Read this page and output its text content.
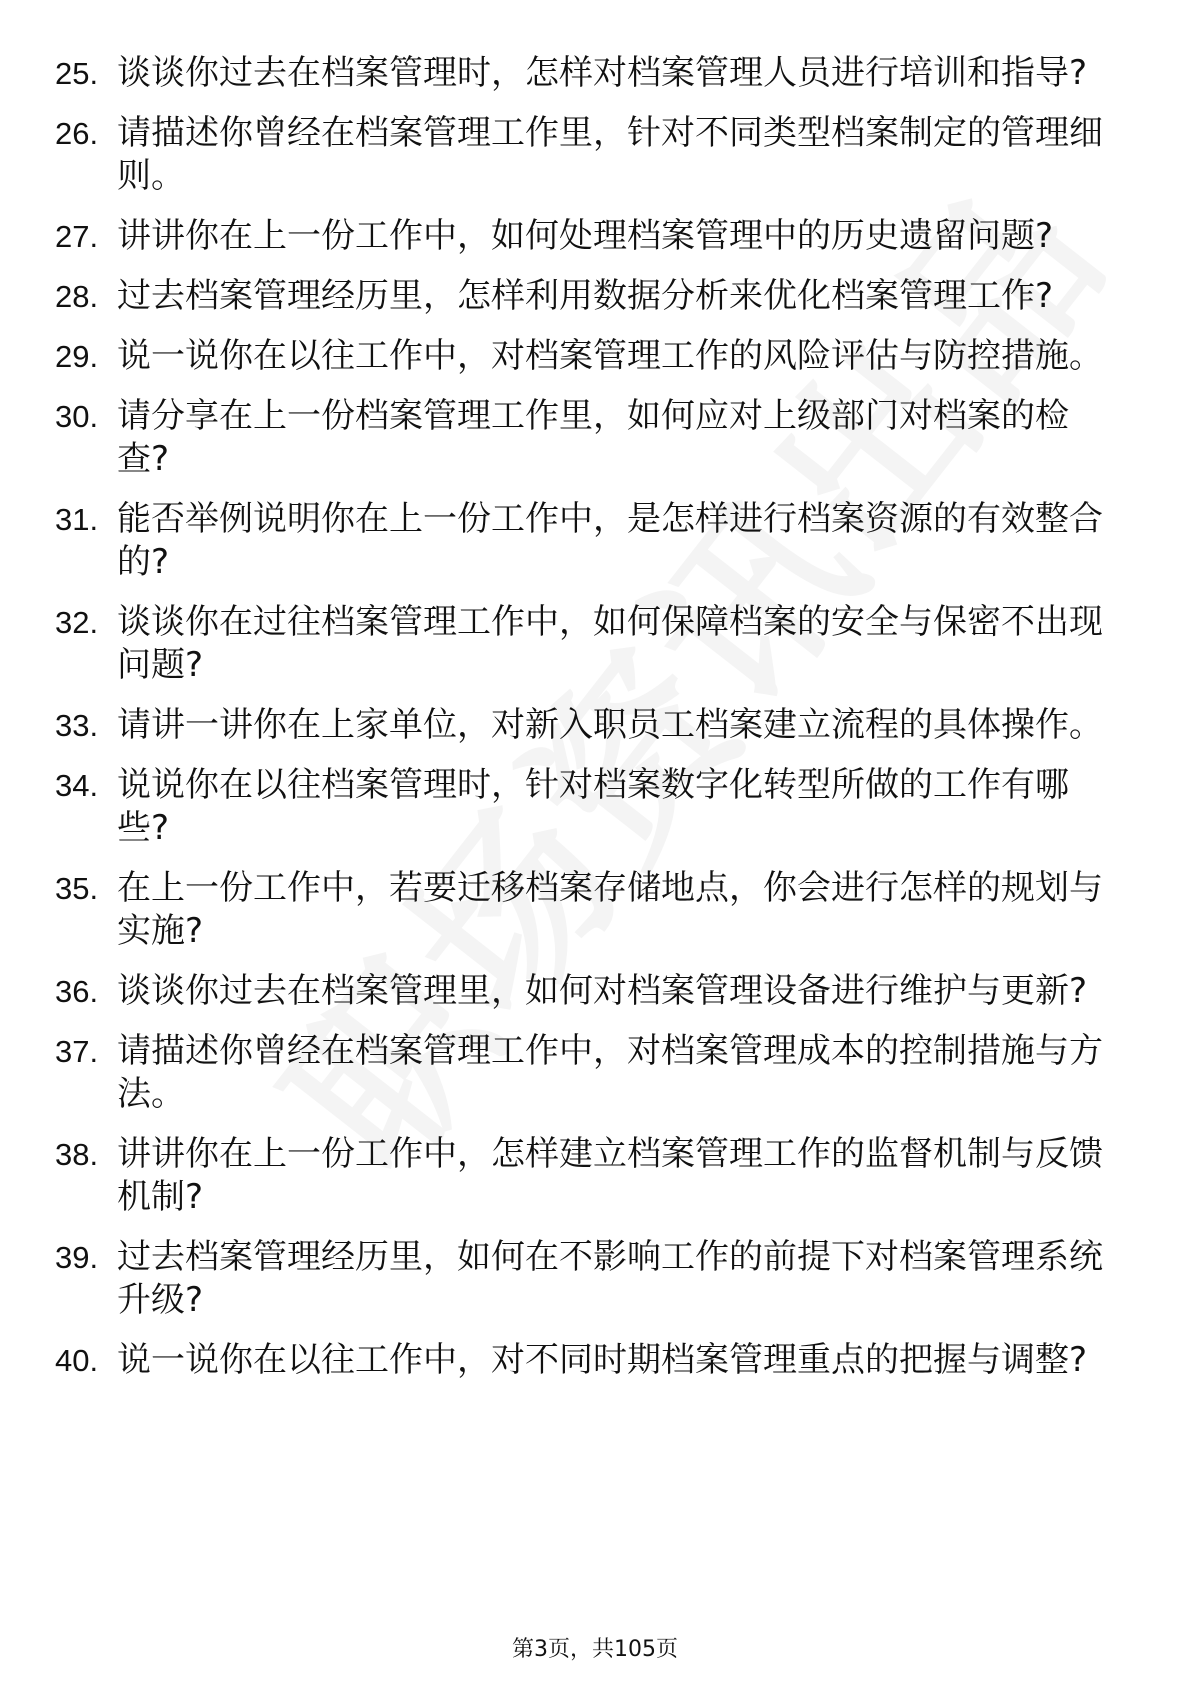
25. 谈谈你过去在档案管理时，怎样对档案管理人员进行培训和指导?
26. 请描述你曾经在档案管理工作里，针对不同类型档案制定的管理细则。
27. 讲讲你在上一份工作中，如何处理档案管理中的历史遗留问题?
28. 过去档案管理经历里，怎样利用数据分析来优化档案管理工作?
29. 说一说你在以往工作中，对档案管理工作的风险评估与防控措施。
30. 请分享在上一份档案管理工作里，如何应对上级部门对档案的检查?
31. 能否举例说明你在上一份工作中，是怎样进行档案资源的有效整合的?
32. 谈谈你在过往档案管理工作中，如何保障档案的安全与保密不出现问题?
33. 请讲一讲你在上家单位，对新入职员工档案建立流程的具体操作。
34. 说说你在以往档案管理时，针对档案数字化转型所做的工作有哪些?
35. 在上一份工作中，若要迁移档案存储地点，你会进行怎样的规划与实施?
36. 谈谈你过去在档案管理里，如何对档案管理设备进行维护与更新?
37. 请描述你曾经在档案管理工作中，对档案管理成本的控制措施与方法。
38. 讲讲你在上一份工作中，怎样建立档案管理工作的监督机制与反馈机制?
39. 过去档案管理经历里，如何在不影响工作的前提下对档案管理系统升级?
40. 说一说你在以往工作中，对不同时期档案管理重点的把握与调整?
第3页，共105页
